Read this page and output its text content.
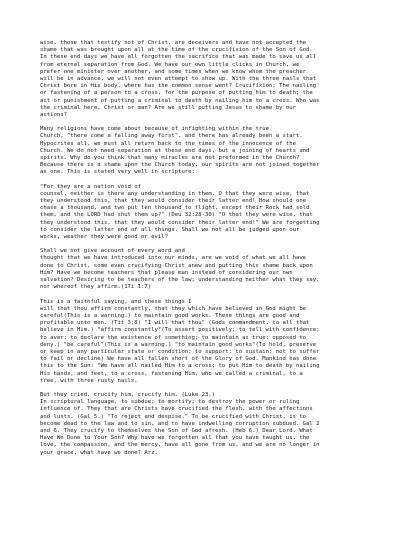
wise, those that testify not of Christ, are deceivers and have not accepted the
shame that was brought upon all at the time of the crucifixion of the Son of God.
In these end days we have all forgotten the sacrifice that was made to save us all
from eternal separation from God. We have our own little clicks in Church, we
prefer one minister over another, and some times when we know whom the preacher
will be in advance, we will not even attempt to show up. With the three nails that
Christ bore in His body, where has the common sense went? Crucifixion; The nailing
or fastening of a person to a cross, for the purpose of putting him to death; the
act or punishment of putting a criminal to death by nailing him to a cross. Who was
the criminal here, Christ or man? Are we still putting Jesus to shame by our
actions?

Many religions have come about because of infighting within the true
Church, "there come a falling away first", and there has already been a start.
Hypocrites all, we must all return back to the times of the innocence of the
Church. We do not need separation at these end days, but a joining of hearts and
spirits. Why do you think that many miracles are not preformed in the Church?
Because there is a shame upon the Church today, our spirits are not joined together
as one. This is stated very well in scripture;

"For they are a nation void of
counsel, neither is there any understanding in them. O that they were wise, that
they understood this, that they would consider their latter end! How should one
chase a thousand, and two put ten thousand to flight, except their Rock had sold
them, and the LORD had shut them up?" (Deu 32:28-30) "O that they were wise, that
they understood this, that they would consider their latter end!" We are forgetting
to consider the latter end of all things. Shall we not all be judged upon our
works, weather they were good or evil?

Shall we not give account of every word and
thought that we have introduced into our minds, are we void of what we all have
done to Christ, some even crucifying Christ anew and putting this shame back upon
Him? Have we become teachers that please man instead of considering our own
salvation? Desiring to be teachers of the law; understanding neither what they say,
nor whereof they affirm.(1Ti 1:7)

This is a faithful saying, and these things I
will that thou affirm constantly, that they which have believed in God might be
careful(This is a warning.) to maintain good works. These things are good and
profitable unto men. (Tit 3:8) "I will that thou" (Gods commandment, to all that
believe in Him.) "affirm constantly"(To assert positively; to tell with confidence;
to aver; to declare the existence of something; to maintain as true; opposed to
deny.) "be careful"(This is a warning.) "to maintain good works"(To hold, preserve
or keep in any particular state or condition; to support; to sustain; not to suffer
to fail or decline) We have all fallen short of the Glory of God. Mankind has done
this to the Sun: "We have all nailed Him to a cross; to put Him to death by nailing
His hands, and feet, to a cross, fastening Him, who we called a criminal, to a
tree, with three rusty nails.

But they cried, crucify him, crucify him. (Luke 23.)
In scriptural language, to subdue; to mortify; to destroy the power or ruling
influence of. They that are Christs have crucified the flesh, with the affections
and lusts. (Gal 5.) "To reject and despise." To be crucified with Christ, is to
become dead to the law and to sin, and to have indwelling corruption subdued. Gal 2
and 6. They crucify to themselves the Son of God afresh. (Heb 6.) Dear Lord, What
Have We Done to Your Son? Why have we forgotten all that you have taught us, the
love, the compassion, and the mercy, have all gone from us, and we are no longer in
your grace, what have we done? Arz.
